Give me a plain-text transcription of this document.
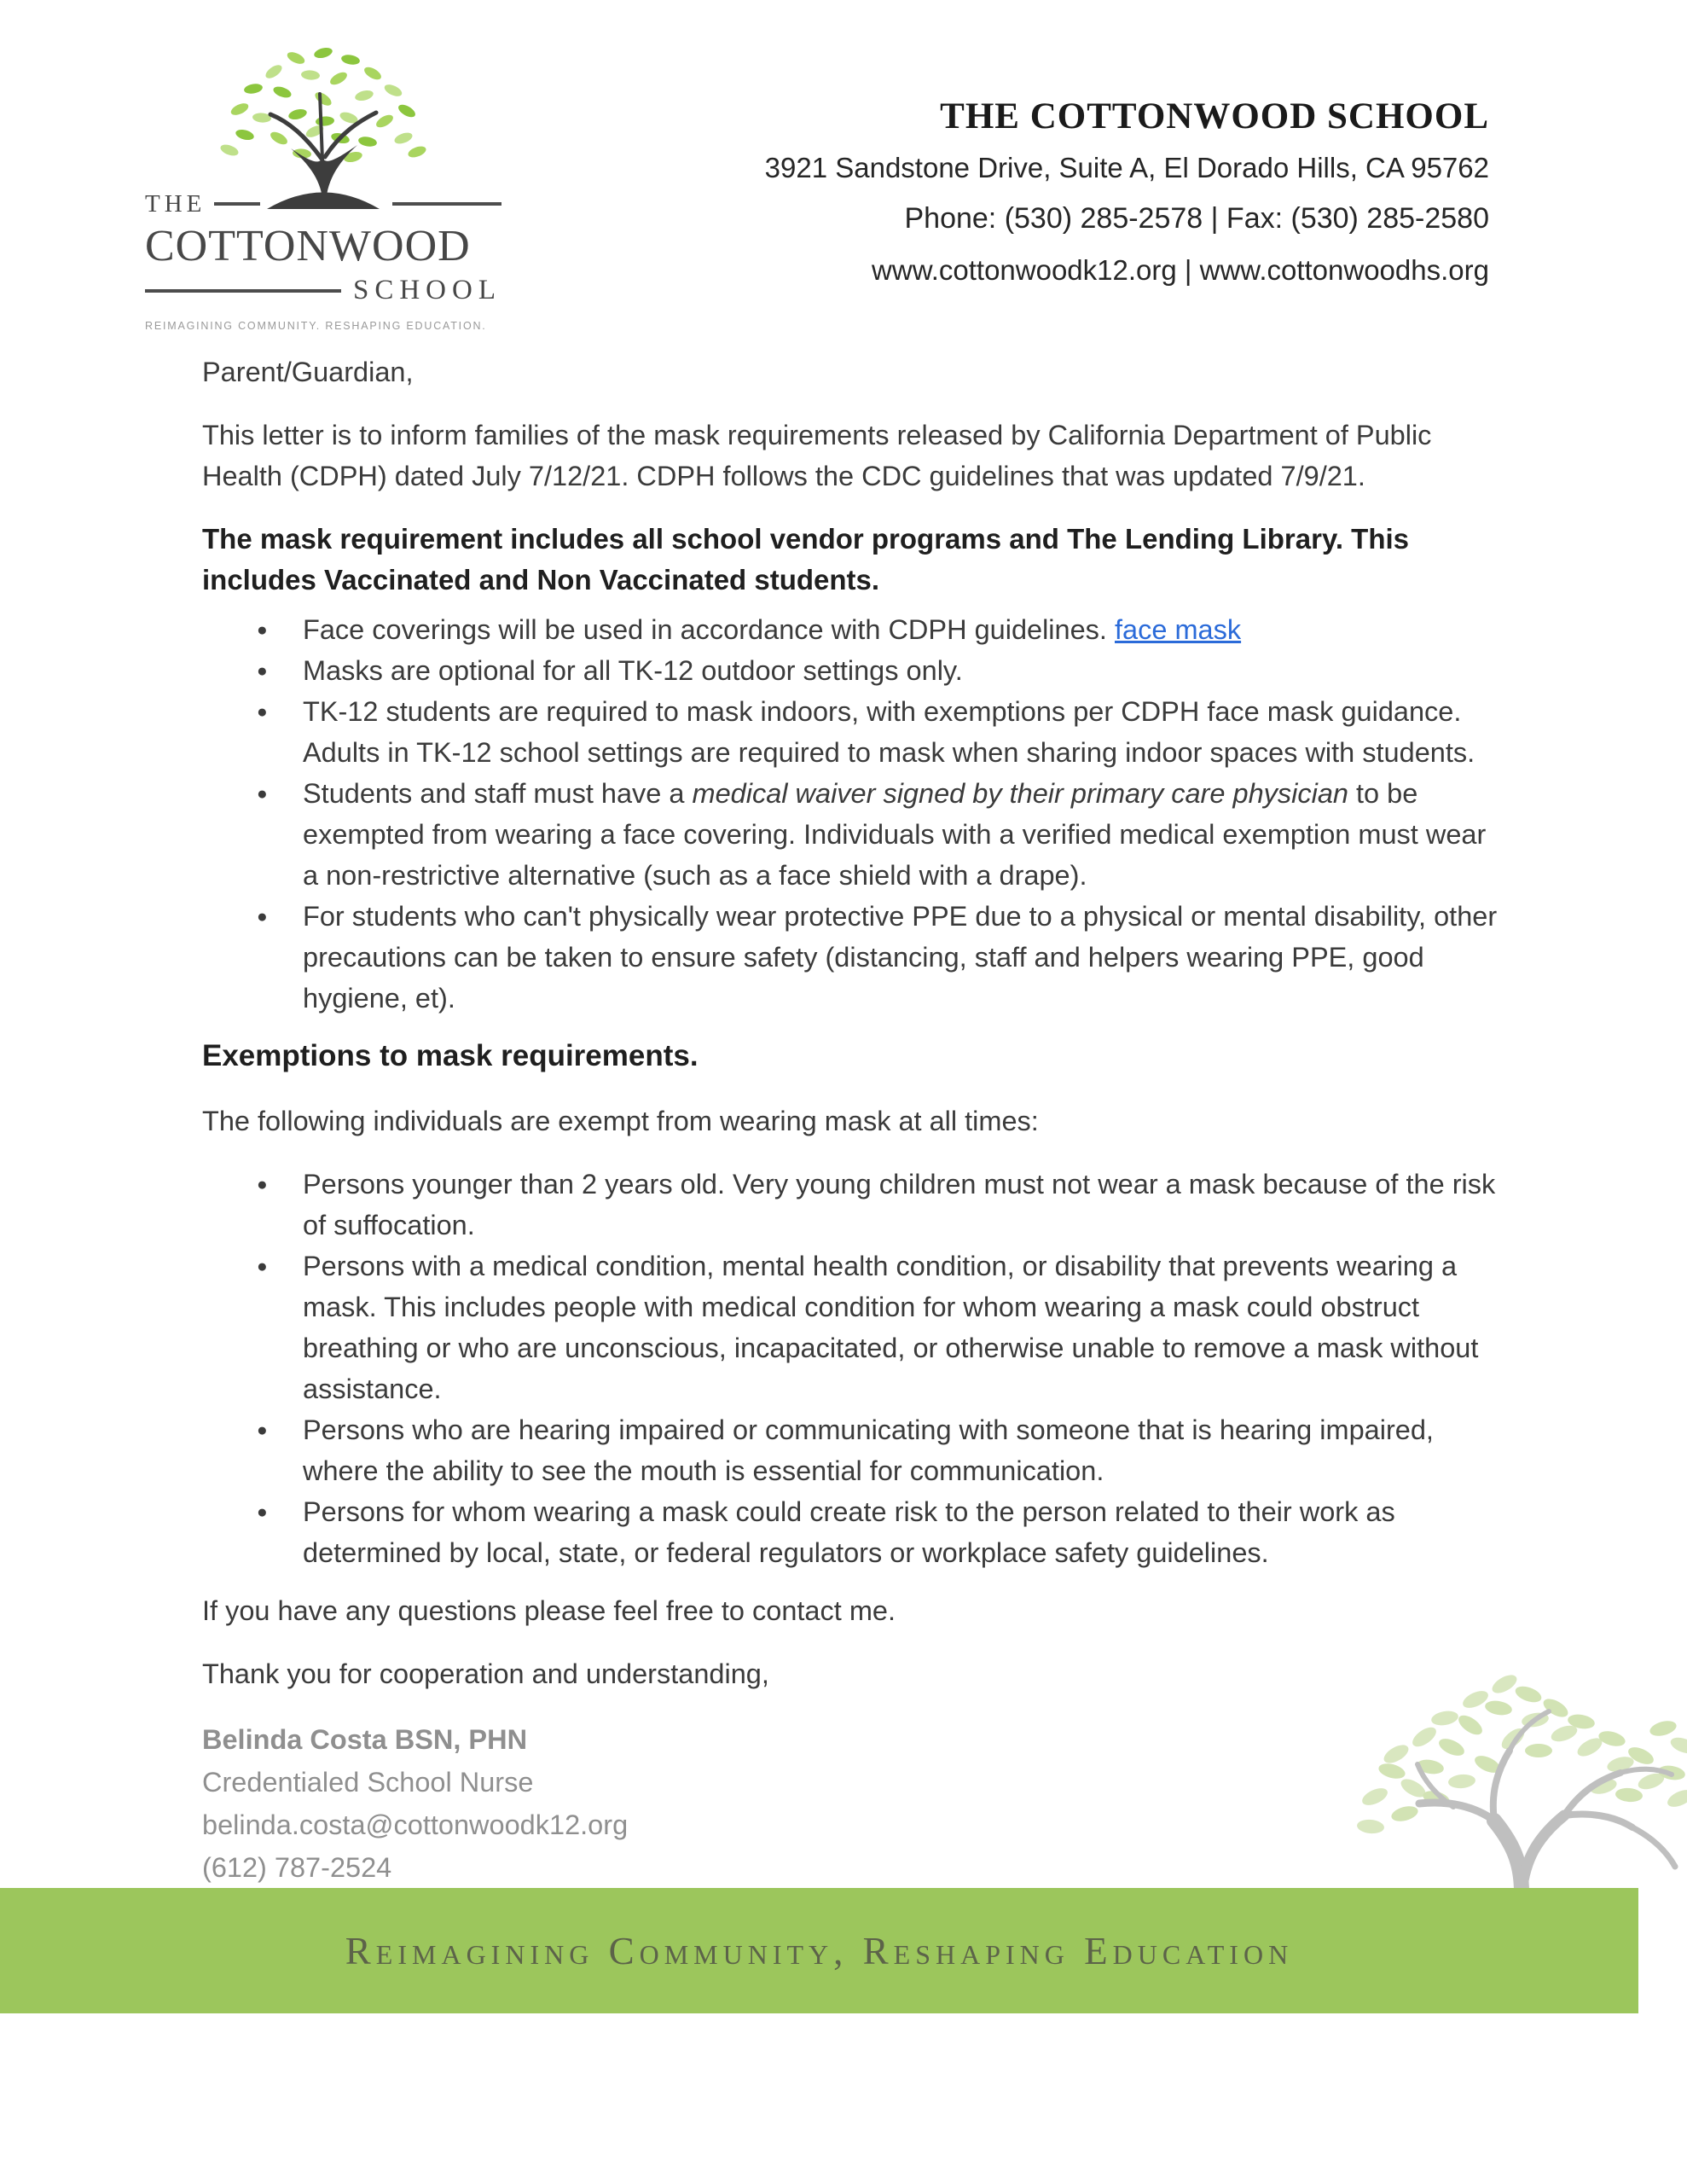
THE
COTTONWOOD
SCHOOL
REIMAGINING COMMUNITY. RESHAPING EDUCATION.
THE COTTONWOOD SCHOOL
3921 Sandstone Drive, Suite A, El Dorado Hills, CA 95762
Phone: (530) 285-2578 | Fax: (530) 285-2580
www.cottonwoodk12.org | www.cottonwoodhs.org

Parent/Guardian,

This letter is to inform families of the mask requirements released by California Department of Public Health (CDPH) dated July 7/12/21. CDPH follows the CDC guidelines that was updated 7/9/21.

The mask requirement includes all school vendor programs and The Lending Library. This includes Vaccinated and Non Vaccinated students.

● Face coverings will be used in accordance with CDPH guidelines. face mask
● Masks are optional for all TK-12 outdoor settings only.
● TK-12 students are required to mask indoors, with exemptions per CDPH face mask guidance. Adults in TK-12 school settings are required to mask when sharing indoor spaces with students.
● Students and staff must have a medical waiver signed by their primary care physician to be exempted from wearing a face covering. Individuals with a verified medical exemption must wear a non-restrictive alternative (such as a face shield with a drape).
● For students who can't physically wear protective PPE due to a physical or mental disability, other precautions can be taken to ensure safety (distancing, staff and helpers wearing PPE, good hygiene, et).

Exemptions to mask requirements.

The following individuals are exempt from wearing mask at all times:

● Persons younger than 2 years old. Very young children must not wear a mask because of the risk of suffocation.
● Persons with a medical condition, mental health condition, or disability that prevents wearing a mask. This includes people with medical condition for whom wearing a mask could obstruct breathing or who are unconscious, incapacitated, or otherwise unable to remove a mask without assistance.
● Persons who are hearing impaired or communicating with someone that is hearing impaired, where the ability to see the mouth is essential for communication.
● Persons for whom wearing a mask could create risk to the person related to their work as determined by local, state, or federal regulators or workplace safety guidelines.

If you have any questions please feel free to contact me.

Thank you for cooperation and understanding,

Belinda Costa BSN, PHN
Credentialed School Nurse
belinda.costa@cottonwoodk12.org
(612) 787-2524
Reimagining Community, Reshaping Education
